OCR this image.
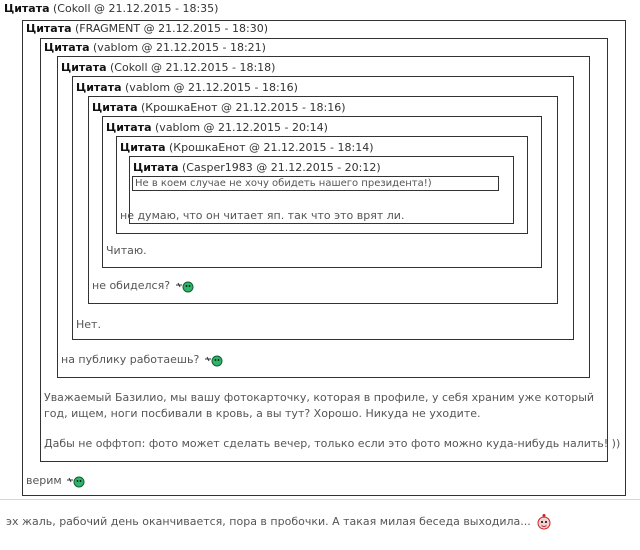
Цитата (Cokoll @ 21.12.2015 - 18:35)
Цитата (FRAGMENT @ 21.12.2015 - 18:30)
Цитата (vablom @ 21.12.2015 - 18:21)
Цитата (Cokoll @ 21.12.2015 - 18:18)
Цитата (vablom @ 21.12.2015 - 18:16)
Цитата (КрошкаЕнот @ 21.12.2015 - 18:16)
Цитата (vablom @ 21.12.2015 - 20:14)
Цитата (КрошкаЕнот @ 21.12.2015 - 18:14)
Цитата (Casper1983 @ 21.12.2015 - 20:12)
Не в коем случае не хочу обидеть нашего президента!)
не думаю, что он читает яп. так что это врят ли.
Читаю.
не обиделся?
Нет.
на публику работаешь?
Уважаемый Базилио, мы вашу фотокарточку, которая в профиле, у себя храним уже который год, ищем, ноги посбивали в кровь, а вы тут? Хорошо. Никуда не уходите.
Дабы не оффтоп: фото может сделать вечер, только если это фото можно куда-нибудь налить! ))
верим
эх жаль, рабочий день оканчивается, пора в пробочки. А такая милая беседа выходила...
